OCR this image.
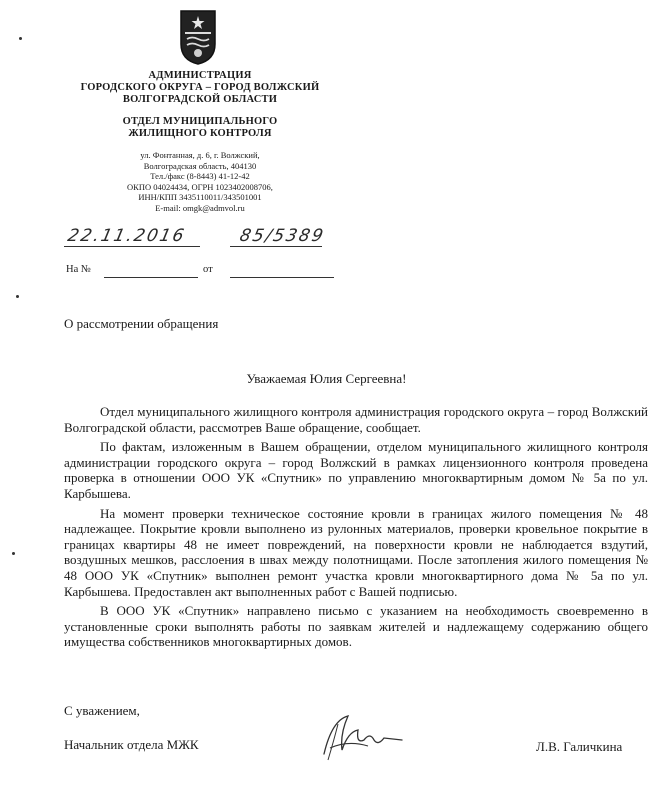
АДМИНИСТРАЦИЯ
ГОРОДСКОГО ОКРУГА – ГОРОД ВОЛЖСКИЙ
ВОЛГОГРАДСКОЙ ОБЛАСТИ
ОТДЕЛ МУНИЦИПАЛЬНОГО
ЖИЛИЩНОГО КОНТРОЛЯ
ул. Фонтанная, д. 6, г. Волжский,
Волгоградская область, 404130
Тел./факс (8-8443) 41-12-42
ОКПО 04024434, ОГРН 1023402008706,
ИНН/КПП 3435110011/343501001
E-mail: omgk@admvol.ru
22.11.2016	85/5389
На №	от
О рассмотрении обращения
Уважаемая Юлия Сергеевна!

Отдел муниципального жилищного контроля администрация городского округа – город Волжский Волгоградской области, рассмотрев Ваше обращение, сообщает.

По фактам, изложенным в Вашем обращении, отделом муниципального жилищного контроля администрации городского округа – город Волжский в рамках лицензионного контроля проведена проверка в отношении ООО УК «Спутник» по управлению многоквартирным домом № 5а по ул. Карбышева.

На момент проверки техническое состояние кровли в границах жилого помещения № 48 надлежащее. Покрытие кровли выполнено из рулонных материалов, проверки кровельное покрытие в границах квартиры 48 не имеет повреждений, на поверхности кровли не наблюдается вздутий, воздушных мешков, расслоения в швах между полотнищами. После затопления жилого помещения № 48 ООО УК «Спутник» выполнен ремонт участка кровли многоквартирного дома № 5а по ул. Карбышева. Предоставлен акт выполненных работ с Вашей подписью.

В ООО УК «Спутник» направлено письмо с указанием на необходимость своевременно в установленные сроки выполнять работы по заявкам жителей и надлежащему содержанию общего имущества собственников многоквартирных домов.

С уважением,
Начальник отдела МЖК	Л.В. Галичкина
